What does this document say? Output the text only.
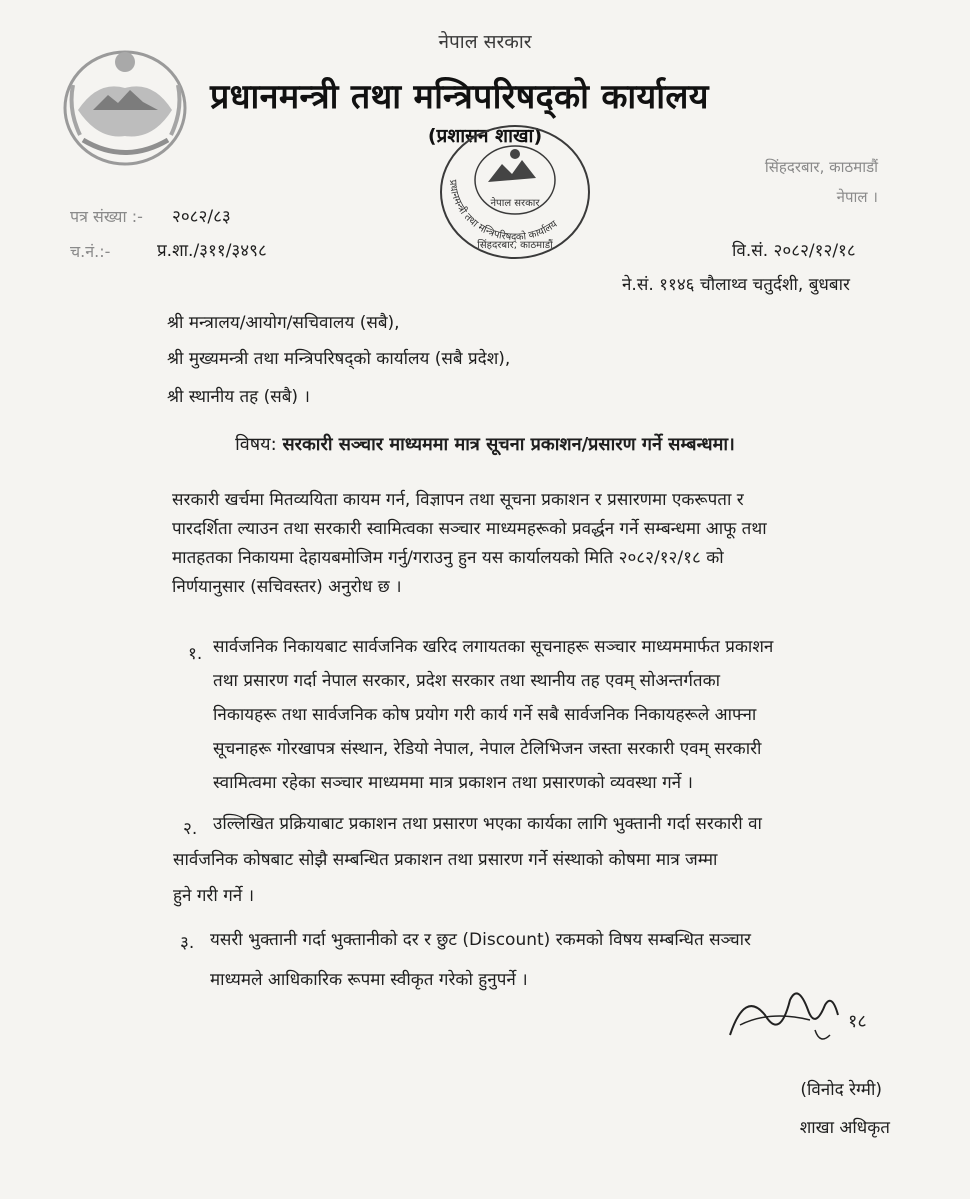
नेपाल सरकार
प्रधानमन्त्री तथा मन्त्रिपरिषद्को कार्यालय
(प्रशासन शाखा)
सिंहदरबार, काठमाडौं
नेपाल ।
प्रधानमन्त्री तथा मन्त्रिपरिषद्को कार्यालय
नेपाल सरकार
सिंहदरबार, काठमाडौं
पत्र संख्या :- २०८२/८३
च.नं.:-	प्र.शा./३११/३४९८	वि.सं. २०८२/१२/१८
ने.सं. ११४६ चौलाथ्व चतुर्दशी, बुधबार
श्री मन्त्रालय/आयोग/सचिवालय (सबै),
श्री मुख्यमन्त्री तथा मन्त्रिपरिषद्को कार्यालय (सबै प्रदेश),
श्री स्थानीय तह (सबै) ।
विषय: सरकारी सञ्चार माध्यममा मात्र सूचना प्रकाशन/प्रसारण गर्ने सम्बन्धमा।
सरकारी खर्चमा मितव्ययिता कायम गर्न, विज्ञापन तथा सूचना प्रकाशन र प्रसारणमा एकरूपता र
पारदर्शिता ल्याउन तथा सरकारी स्वामित्वका सञ्चार माध्यमहरूको प्रवर्द्धन गर्ने सम्बन्धमा आफू तथा
मातहतका निकायमा देहायबमोजिम गर्नु/गराउनु हुन यस कार्यालयको मिति २०८२/१२/१८ को
निर्णयानुसार (सचिवस्तर) अनुरोध छ ।
१. सार्वजनिक निकायबाट सार्वजनिक खरिद लगायतका सूचनाहरू सञ्चार माध्यममार्फत प्रकाशन
तथा प्रसारण गर्दा नेपाल सरकार, प्रदेश सरकार तथा स्थानीय तह एवम् सोअन्तर्गतका
निकायहरू तथा सार्वजनिक कोष प्रयोग गरी कार्य गर्ने सबै सार्वजनिक निकायहरूले आफ्ना
सूचनाहरू गोरखापत्र संस्थान, रेडियो नेपाल, नेपाल टेलिभिजन जस्ता सरकारी एवम् सरकारी
स्वामित्वमा रहेका सञ्चार माध्यममा मात्र प्रकाशन तथा प्रसारणको व्यवस्था गर्ने ।
२. उल्लिखित प्रक्रियाबाट प्रकाशन तथा प्रसारण भएका कार्यका लागि भुक्तानी गर्दा सरकारी वा
सार्वजनिक कोषबाट सोझै सम्बन्धित प्रकाशन तथा प्रसारण गर्ने संस्थाको कोषमा मात्र जम्मा
हुने गरी गर्ने ।
३. यसरी भुक्तानी गर्दा भुक्तानीको दर र छुट (Discount) रकमको विषय सम्बन्धित सञ्चार
माध्यमले आधिकारिक रूपमा स्वीकृत गरेको हुनुपर्ने ।
१८
(विनोद रेग्मी)
शाखा अधिकृत
